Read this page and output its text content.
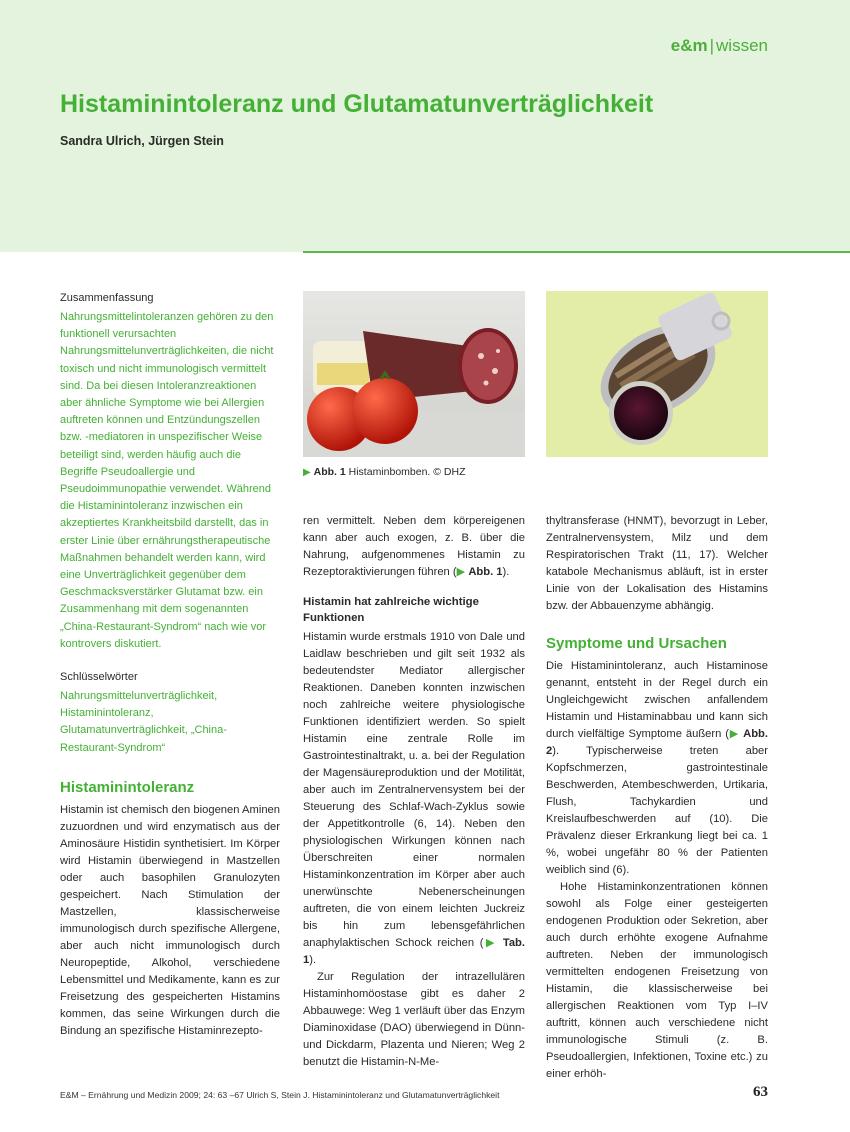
e&m | wissen
Histaminintoleranz und Glutamatunverträglichkeit
Sandra Ulrich, Jürgen Stein
Zusammenfassung

Nahrungsmittelintoleranzen gehören zu den funktionell verursachten Nahrungsmittelunverträglichkeiten, die nicht toxisch und nicht immunologisch vermittelt sind. Da bei diesen Intoleranzreaktionen aber ähnliche Symptome wie bei Allergien auftreten können und Entzündungszellen bzw. -mediatoren in unspezifischer Weise beteiligt sind, werden häufig auch die Begriffe Pseudoallergie und Pseudoimmunopathie verwendet. Während die Histaminintoleranz inzwischen ein akzeptiertes Krankheitsbild darstellt, das in erster Linie über ernährungstherapeutische Maßnahmen behandelt werden kann, wird eine Unverträglichkeit gegenüber dem Geschmacksverstärker Glutamat bzw. ein Zusammenhang mit dem sogenannten „China-Restaurant-Syndrom“ nach wie vor kontrovers diskutiert.

Schlüsselwörter

Nahrungsmittelunverträglichkeit, Histaminintoleranz, Glutamatunverträglichkeit, „China-Restaurant-Syndrom“

Histaminintoleranz

Histamin ist chemisch den biogenen Aminen zuzuordnen und wird enzymatisch aus der Aminosäure Histidin synthetisiert. Im Körper wird Histamin überwiegend in Mastzellen oder auch basophilen Granulozyten gespeichert. Nach Stimulation der Mastzellen, klassischerweise immunologisch durch spezifische Allergene, aber auch nicht immunologisch durch Neuropeptide, Alkohol, verschiedene Lebensmittel und Medikamente, kann es zur Freisetzung des gespeicherten Histamins kommen, das seine Wirkungen durch die Bindung an spezifische Histaminrezepto-

▶ Abb. 1 Histaminbomben. © DHZ

ren vermittelt. Neben dem körpereigenen kann aber auch exogen, z. B. über die Nahrung, aufgenommenes Histamin zu Rezeptoraktivierungen führen (▶ Abb. 1).

Histamin hat zahlreiche wichtige Funktionen

Histamin wurde erstmals 1910 von Dale und Laidlaw beschrieben und gilt seit 1932 als bedeutendster Mediator allergischer Reaktionen. Daneben konnten inzwischen noch zahlreiche weitere physiologische Funktionen identifiziert werden. So spielt Histamin eine zentrale Rolle im Gastrointestinaltrakt, u. a. bei der Regulation der Magensäureproduktion und der Motilität, aber auch im Zentralnervensystem bei der Steuerung des Schlaf-Wach-Zyklus sowie der Appetitkontrolle (6, 14). Neben den physiologischen Wirkungen können nach Überschreiten einer normalen Histaminkonzentration im Körper aber auch unerwünschte Nebenerscheinungen auftreten, die von einem leichten Juckreiz bis hin zum lebensgefährlichen anaphylaktischen Schock reichen (▶ Tab. 1).

Zur Regulation der intrazellulären Histaminhomöostase gibt es daher 2 Abbauwege: Weg 1 verläuft über das Enzym Diaminoxidase (DAO) überwiegend in Dünn- und Dickdarm, Plazenta und Nieren; Weg 2 benutzt die Histamin-N-Me-

thyltransferase (HNMT), bevorzugt in Leber, Zentralnervensystem, Milz und dem Respiratorischen Trakt (11, 17). Welcher katabole Mechanismus abläuft, ist in erster Linie von der Lokalisation des Histamins bzw. der Abbauenzyme abhängig.

Symptome und Ursachen

Die Histaminintoleranz, auch Histaminose genannt, entsteht in der Regel durch ein Ungleichgewicht zwischen anfallendem Histamin und Histaminabbau und kann sich durch vielfältige Symptome äußern (▶ Abb. 2). Typischerweise treten aber Kopfschmerzen, gastrointestinale Beschwerden, Atembeschwerden, Urtikaria, Flush, Tachykardien und Kreislaufbeschwerden auf (10). Die Prävalenz dieser Erkrankung liegt bei ca. 1 %, wobei ungefähr 80 % der Patienten weiblich sind (6).

Hohe Histaminkonzentrationen können sowohl als Folge einer gesteigerten endogenen Produktion oder Sekretion, aber auch durch erhöhte exogene Aufnahme auftreten. Neben der immunologisch vermittelten endogenen Freisetzung von Histamin, die klassischerweise bei allergischen Reaktionen vom Typ I–IV auftritt, können auch verschiedene nicht immunologische Stimuli (z. B. Pseudoallergien, Infektionen, Toxine etc.) zu einer erhöh-

E&M – Ernährung und Medizin 2009; 24: 63 –67 Ulrich S, Stein J. Histaminintoleranz und Glutamatunverträglichkeit	63
